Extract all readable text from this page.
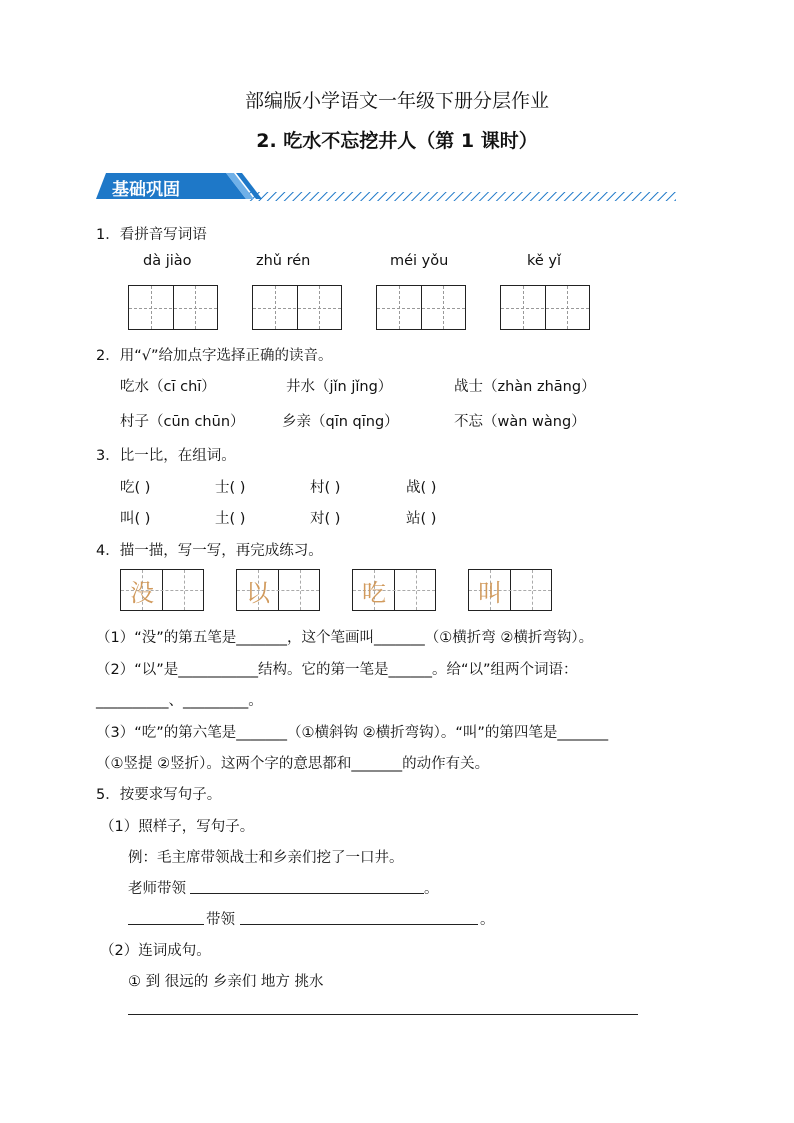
部编版小学语文一年级下册分层作业
2. 吃水不忘挖井人（第 1 课时）
基础巩固
1．看拼音写词语
dà jiào	zhǔ rén	méi yǒu	kě yǐ
2．用“√”给加点字选择正确的读音。
吃水（cī chī）	井水（jǐn jǐng）	战士（zhàn zhāng）
村子（cūn chūn）	乡亲（qīn qīng）	不忘（wàn wàng）
3．比一比，在组词。
吃( )	士( )	村( )	战( )
叫( )	土( )	对( )	站( )
4．描一描，写一写，再完成练习。
没	以	吃	叫
（1）“没”的第五笔是_______，这个笔画叫_______（①横折弯 ②横折弯钩）。
（2）“以”是___________结构。它的第一笔是______。给“以”组两个词语：
__________、_________。
（3）“吃”的第六笔是_______（①横斜钩 ②横折弯钩）。“叫”的第四笔是_______
（①竖提 ②竖折）。这两个字的意思都和_______的动作有关。
5．按要求写句子。
（1）照样子，写句子。
例：毛主席带领战士和乡亲们挖了一口井。
老师带领	。
带领	。
（2）连词成句。
① 到 很远的 乡亲们 地方 挑水
